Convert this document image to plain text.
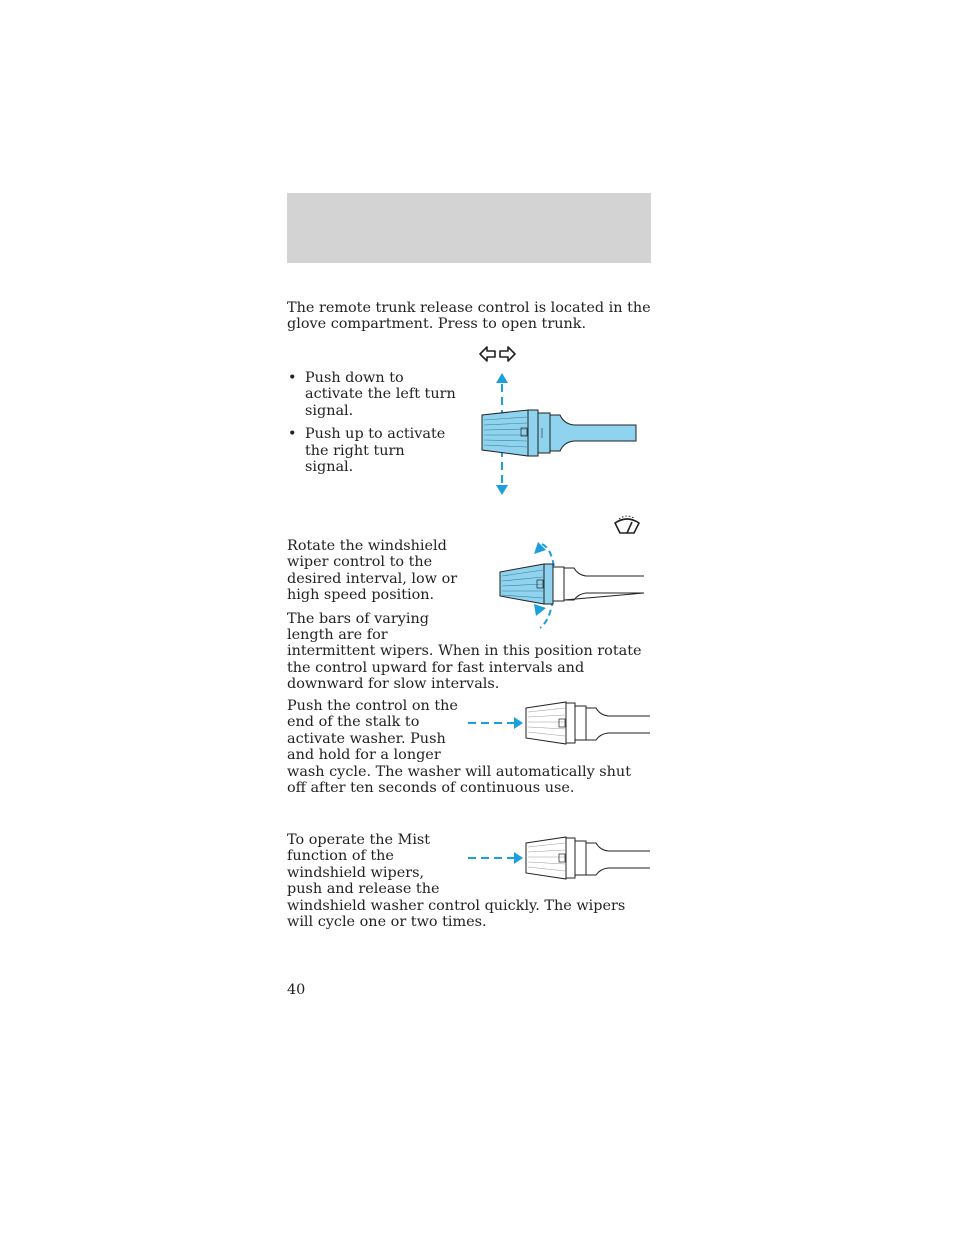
The remote trunk release control is located in the glove compartment. Press to open trunk.

• Push down to activate the left turn signal.
• Push up to activate the right turn signal.

Rotate the windshield wiper control to the desired interval, low or high speed position.

The bars of varying length are for intermittent wipers. When in this position rotate the control upward for fast intervals and downward for slow intervals.

Push the control on the end of the stalk to activate washer. Push and hold for a longer wash cycle. The washer will automatically shut off after ten seconds of continuous use.

To operate the Mist function of the windshield wipers, push and release the windshield washer control quickly. The wipers will cycle one or two times.

40
